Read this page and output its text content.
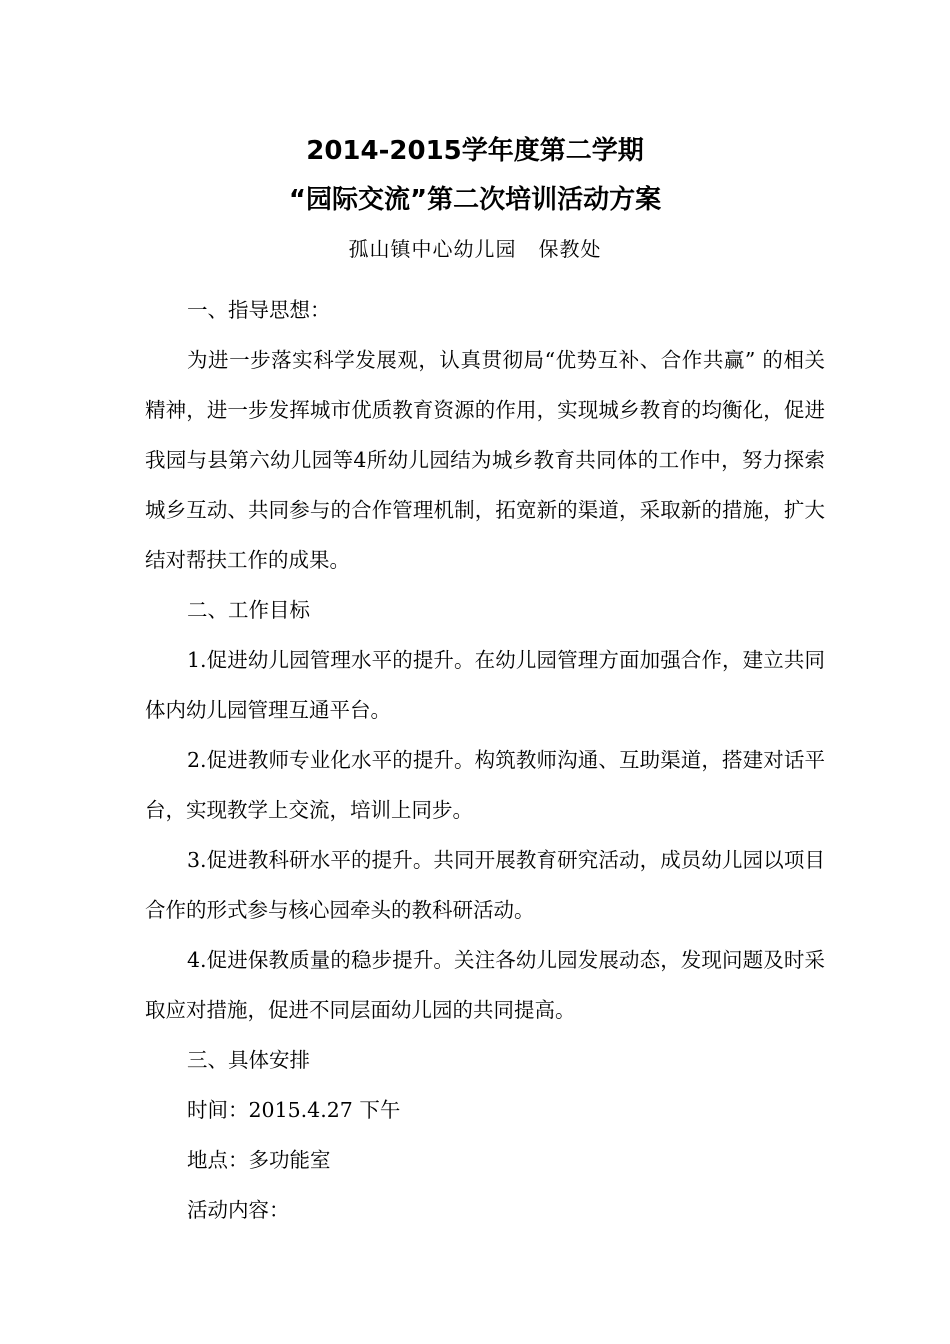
2014-2015学年度第二学期
“园际交流”第二次培训活动方案
孤山镇中心幼儿园   保教处

一、指导思想：

为进一步落实科学发展观，认真贯彻局“优势互补、合作共赢” 的相关精神，进一步发挥城市优质教育资源的作用，实现城乡教育的均衡化，促进我园与县第六幼儿园等4所幼儿园结为城乡教育共同体的工作中，努力探索城乡互动、共同参与的合作管理机制，拓宽新的渠道，采取新的措施，扩大结对帮扶工作的成果。

二、工作目标

1.促进幼儿园管理水平的提升。在幼儿园管理方面加强合作，建立共同体内幼儿园管理互通平台。

2.促进教师专业化水平的提升。构筑教师沟通、互助渠道，搭建对话平台，实现教学上交流，培训上同步。

3.促进教科研水平的提升。共同开展教育研究活动，成员幼儿园以项目合作的形式参与核心园牵头的教科研活动。

4.促进保教质量的稳步提升。关注各幼儿园发展动态，发现问题及时采取应对措施，促进不同层面幼儿园的共同提高。

三、具体安排

时间：2015.4.27 下午

地点：多功能室

活动内容：
